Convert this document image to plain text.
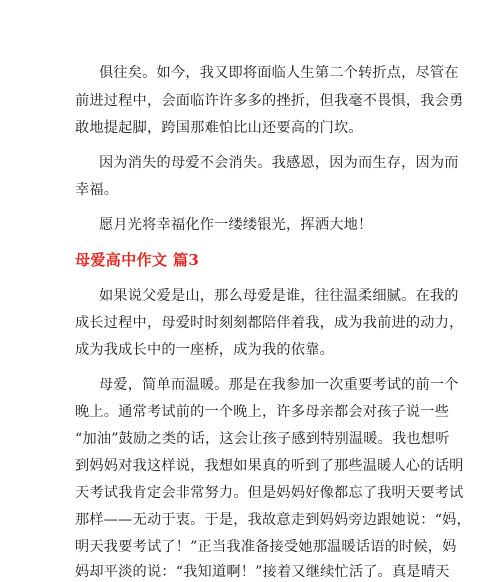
俱往矣。如今，我又即将面临人生第二个转折点，尽管在
前进过程中，会面临许许多多的挫折，但我毫不畏惧，我会勇
敢地提起脚，跨国那难怕比山还要高的门坎。
因为消失的母爱不会消失。我感恩，因为而生存，因为而
幸福。
愿月光将幸福化作一缕缕银光，挥洒大地！
母爱高中作文 篇3
如果说父爱是山，那么母爱是谁，往往温柔细腻。在我的
成长过程中，母爱时时刻刻都陪伴着我，成为我前进的动力，
成为我成长中的一座桥，成为我的依靠。
母爱，简单而温暖。那是在我参加一次重要考试的前一个
晚上。通常考试前的一个晚上，许多母亲都会对孩子说一些
“加油”鼓励之类的话，这会让孩子感到特别温暖。我也想听
到妈妈对我这样说，我想如果真的听到了那些温暖人心的话明
天考试我肯定会非常努力。但是妈妈好像都忘了我明天要考试
那样——无动于衷。于是，我故意走到妈妈旁边跟她说：“妈，
明天我要考试了！”正当我准备接受她那温暖话语的时候，妈
妈却平淡的说：“我知道啊！”接着又继续忙活了。真是晴天
